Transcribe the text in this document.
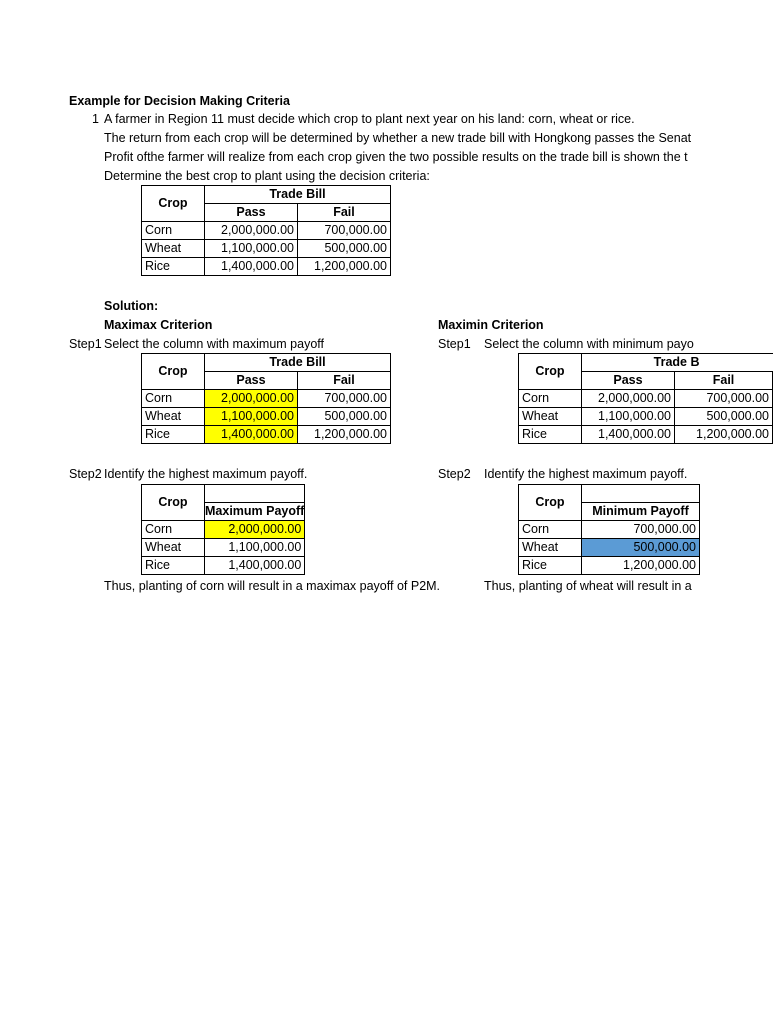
Example for Decision Making Criteria
1 A farmer in Region 11 must decide which crop to plant next year on his land: corn, wheat or rice.
The return from each crop will be determined by whether a new trade bill with Hongkong passes the Senat
Profit ofthe farmer will realize from each crop given the two possible results on the trade bill is shown the t
Determine the best crop to plant using the decision criteria:
Crop	Trade Bill	
	Pass	Fail
Corn	2,000,000.00	700,000.00
Wheat	1,100,000.00	500,000.00
Rice	1,400,000.00	1,200,000.00
Solution:
Maximax Criterion
Step1 Select the column with maximum payoff
Crop	Trade Bill	
	Pass	Fail
Corn	2,000,000.00	700,000.00
Wheat	1,100,000.00	500,000.00
Rice	1,400,000.00	1,200,000.00
Step2 Identify the highest maximum payoff.
Crop	
	Maximum Payoff
Corn	2,000,000.00
Wheat	1,100,000.00
Rice	1,400,000.00
Thus, planting of corn will result in a maximax payoff of P2M.
Maximin Criterion
Step1 Select the column with minimum payo
Crop	Trade B	
	Pass	Fail
Corn	2,000,000.00	700,000.00
Wheat	1,100,000.00	500,000.00
Rice	1,400,000.00	1,200,000.00
Step2 Identify the highest maximum payoff.
Crop	
	Minimum Payoff
Corn	700,000.00
Wheat	500,000.00
Rice	1,200,000.00
Thus, planting of wheat will result in a
